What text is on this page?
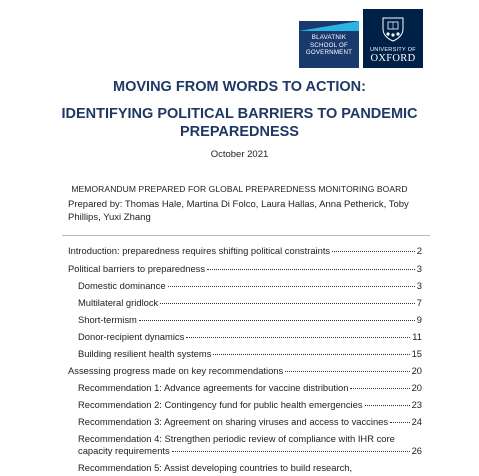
BLAVATNIK
SCHOOL OF
GOVERNMENT	UNIVERSITY OF
OXFORD
MOVING FROM WORDS TO ACTION:
IDENTIFYING POLITICAL BARRIERS TO PANDEMIC
PREPAREDNESS
October 2021
MEMORANDUM PREPARED FOR GLOBAL PREPAREDNESS MONITORING BOARD
Prepared by: Thomas Hale, Martina Di Folco, Laura Hallas, Anna Petherick, Toby Phillips, Yuxi Zhang
Introduction: preparedness requires shifting political constraints	2
Political barriers to preparedness	3
Domestic dominance	3
Multilateral gridlock	7
Short-termism	9
Donor-recipient dynamics	11
Building resilient health systems	15
Assessing progress made on key recommendations	20
Recommendation 1: Advance agreements for vaccine distribution	20
Recommendation 2: Contingency fund for public health emergencies	23
Recommendation 3: Agreement on sharing viruses and access to vaccines	24
Recommendation 4: Strengthen periodic review of compliance with IHR core
capacity requirements	26
Recommendation 5: Assist developing countries to build research,
